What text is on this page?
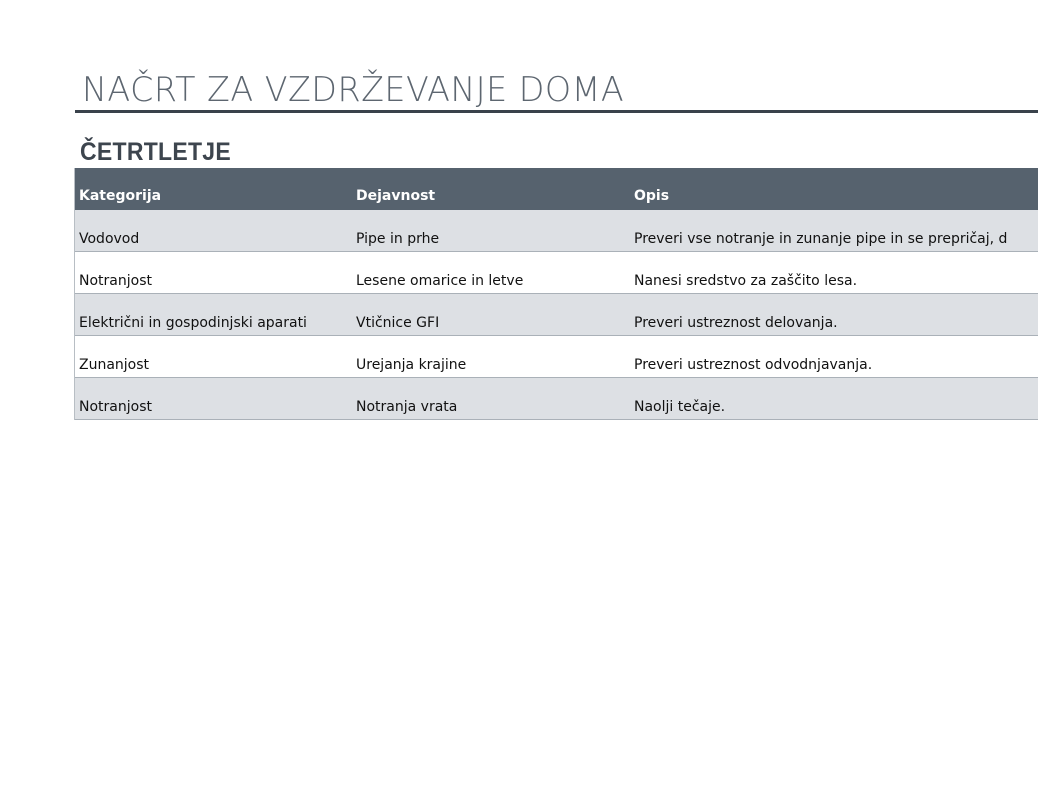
NAČRT ZA VZDRŽEVANJE DOMA
ČETRTLETJE
Kategorija	Dejavnost	Opis
Vodovod	Pipe in prhe	Preveri vse notranje in zunanje pipe in se prepričaj, d
Notranjost	Lesene omarice in letve	Nanesi sredstvo za zaščito lesa.
Električni in gospodinjski aparati	Vtičnice GFI	Preveri ustreznost delovanja.
Zunanjost	Urejanja krajine	Preveri ustreznost odvodnjavanja.
Notranjost	Notranja vrata	Naolji tečaje.
